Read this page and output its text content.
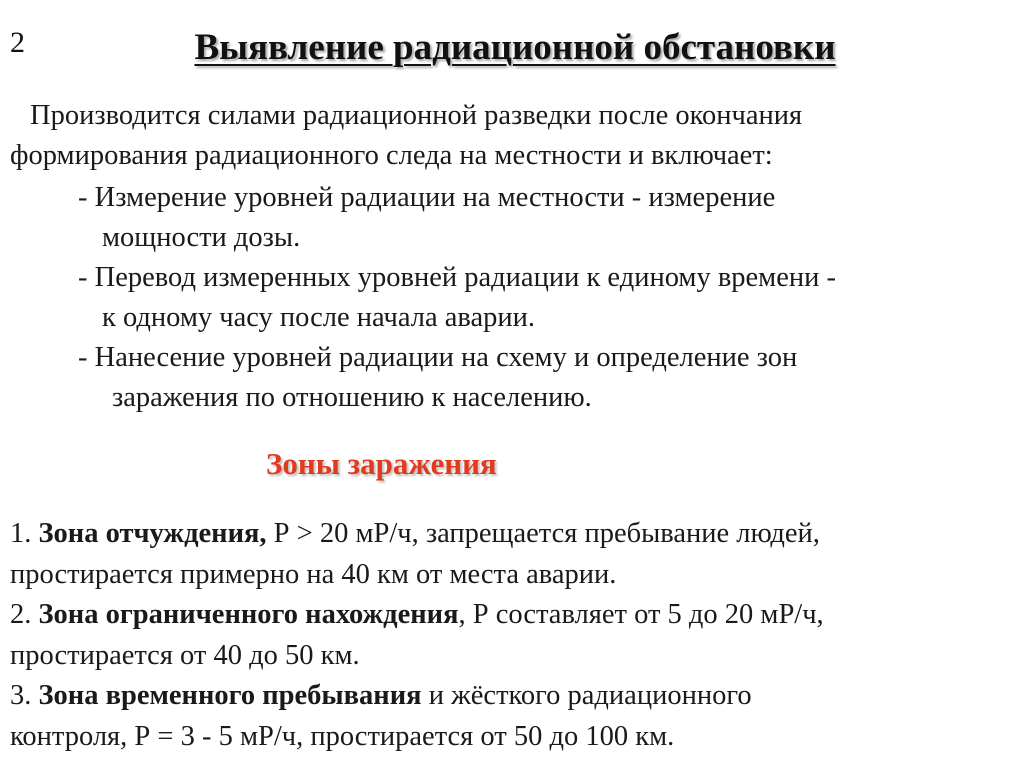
2	Выявление радиационной обстановки

Производится силами радиационной разведки после окончания
формирования радиационного следа на местности и включает:

- Измерение уровней радиации на местности - измерение
мощности дозы.
- Перевод измеренных уровней радиации к единому времени -
к одному часу после начала аварии.
- Нанесение уровней радиации на схему и определение зон
заражения по отношению к населению.
Зоны заражения
1. Зона отчуждения, Р > 20 мР/ч, запрещается пребывание людей,
простирается примерно на 40 км от места аварии.
2. Зона ограниченного нахождения, Р составляет от 5 до 20 мР/ч,
простирается от 40 до 50 км.
3. Зона временного пребывания и жёсткого радиационного
контроля, Р = 3 - 5 мР/ч, простирается от 50 до 100 км.
